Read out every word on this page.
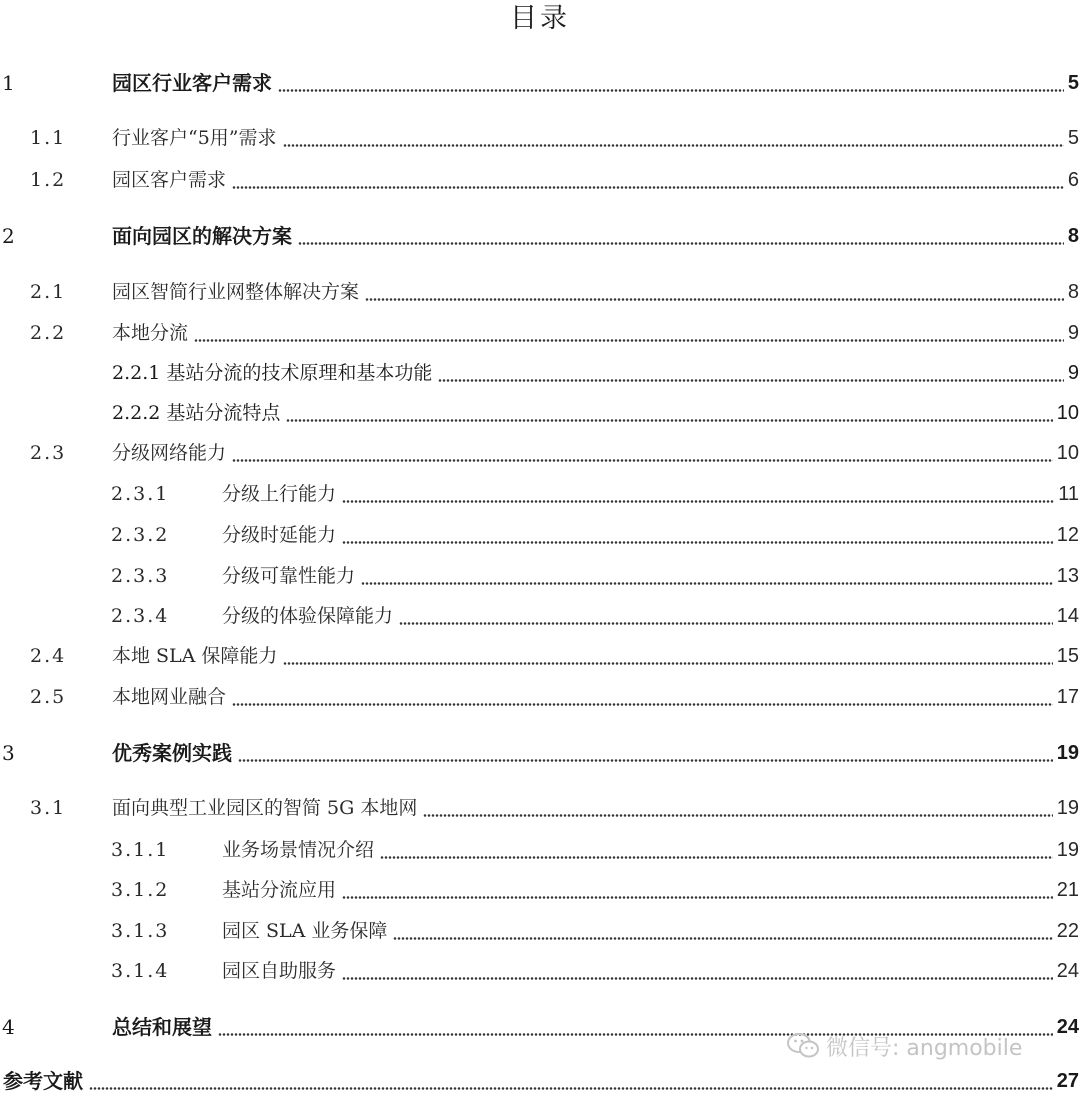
目录
1	园区行业客户需求	5
1.1 行业客户“5用”需求	5
1.2 园区客户需求	6
2	面向园区的解决方案	8
2.1 园区智简行业网整体解决方案	8
2.2 本地分流	9
2.2.1 基站分流的技术原理和基本功能	9
2.2.2 基站分流特点	10
2.3 分级网络能力	10
2.3.1	分级上行能力	11
2.3.2	分级时延能力	12
2.3.3	分级可靠性能力	13
2.3.4	分级的体验保障能力	14
2.4 本地 SLA 保障能力	15
2.5 本地网业融合	17
3	优秀案例实践	19
3.1 面向典型工业园区的智简 5G 本地网	19
3.1.1	业务场景情况介绍	19
3.1.2	基站分流应用	21
3.1.3	园区 SLA 业务保障	22
3.1.4	园区自助服务	24
4	总结和展望	24
参考文献	27
微信号: angmobile
